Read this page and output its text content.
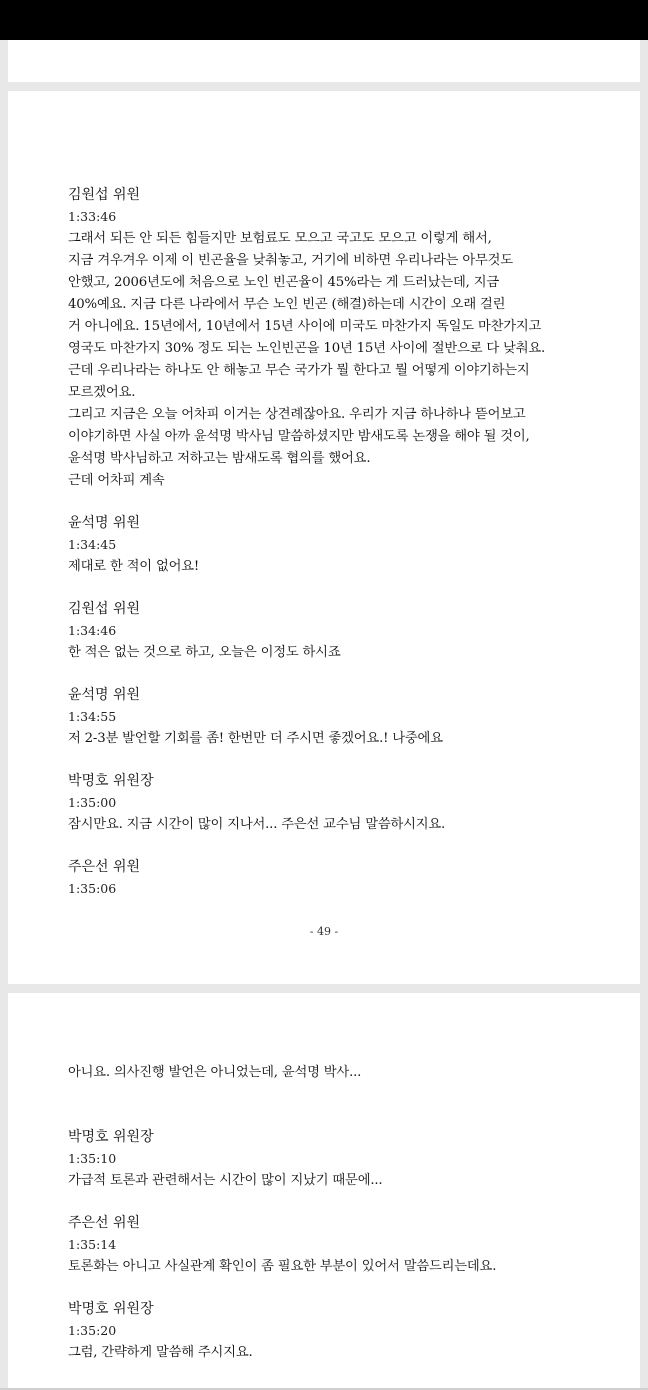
김원섭 위원
1:33:46
그래서 되든 안 되든 힘들지만 보험료도 모으고 국고도 모으고 이렇게 해서,
지금 겨우겨우 이제 이 빈곤율을 낮춰놓고, 거기에 비하면 우리나라는 아무것도
안했고, 2006년도에 처음으로 노인 빈곤율이 45%라는 게 드러났는데, 지금
40%예요. 지금 다른 나라에서 무슨 노인 빈곤 (해결)하는데 시간이 오래 걸린
거 아니에요. 15년에서, 10년에서 15년 사이에 미국도 마찬가지 독일도 마찬가지고
영국도 마찬가지 30% 정도 되는 노인빈곤을 10년 15년 사이에 절반으로 다 낮춰요.
근데 우리나라는 하나도 안 해놓고 무슨 국가가 뭘 한다고 뭘 어떻게 이야기하는지
모르겠어요.
그리고 지금은 오늘 어차피 이거는 상견례잖아요. 우리가 지금 하나하나 뜯어보고
이야기하면 사실 아까 윤석명 박사님 말씀하셨지만 밤새도록 논쟁을 해야 될 것이,
윤석명 박사님하고 저하고는 밤새도록 협의를 했어요.
근데 어차피 계속
윤석명 위원
1:34:45
제대로 한 적이 없어요!
김원섭 위원
1:34:46
한 적은 없는 것으로 하고, 오늘은 이정도 하시죠
윤석명 위원
1:34:55
저 2-3분 발언할 기회를 좀! 한번만 더 주시면 좋겠어요.! 나중에요
박명호 위원장
1:35:00
잠시만요. 지금 시간이 많이 지나서... 주은선 교수님 말씀하시지요.
주은선 위원
1:35:06
- 49 -
아니요. 의사진행 발언은 아니었는데, 윤석명 박사...
박명호 위원장
1:35:10
가급적 토론과 관련해서는 시간이 많이 지났기 때문에...
주은선 위원
1:35:14
토론화는 아니고 사실관계 확인이 좀 필요한 부분이 있어서 말씀드리는데요.
박명호 위원장
1:35:20
그럼, 간략하게 말씀해 주시지요.
